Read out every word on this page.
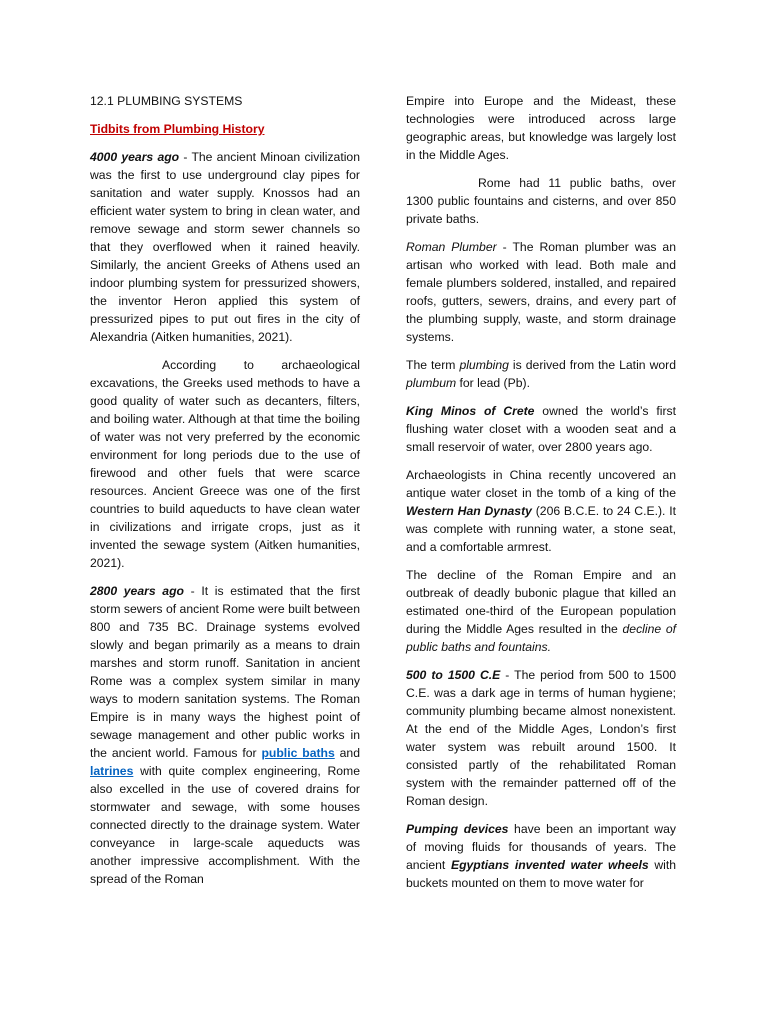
12.1 PLUMBING SYSTEMS
Tidbits from Plumbing History

4000 years ago - The ancient Minoan civilization was the first to use underground clay pipes for sanitation and water supply. Knossos had an efficient water system to bring in clean water, and remove sewage and storm sewer channels so that they overflowed when it rained heavily. Similarly, the ancient Greeks of Athens used an indoor plumbing system for pressurized showers, the inventor Heron applied this system of pressurized pipes to put out fires in the city of Alexandria (Aitken humanities, 2021).

According to archaeological excavations, the Greeks used methods to have a good quality of water such as decanters, filters, and boiling water. Although at that time the boiling of water was not very preferred by the economic environment for long periods due to the use of firewood and other fuels that were scarce resources. Ancient Greece was one of the first countries to build aqueducts to have clean water in civilizations and irrigate crops, just as it invented the sewage system (Aitken humanities, 2021).

2800 years ago - It is estimated that the first storm sewers of ancient Rome were built between 800 and 735 BC. Drainage systems evolved slowly and began primarily as a means to drain marshes and storm runoff. Sanitation in ancient Rome was a complex system similar in many ways to modern sanitation systems. The Roman Empire is in many ways the highest point of sewage management and other public works in the ancient world. Famous for public baths and latrines with quite complex engineering, Rome also excelled in the use of covered drains for stormwater and sewage, with some houses connected directly to the drainage system. Water conveyance in large-scale aqueducts was another impressive accomplishment. With the spread of the Roman

Empire into Europe and the Mideast, these technologies were introduced across large geographic areas, but knowledge was largely lost in the Middle Ages.

Rome had 11 public baths, over 1300 public fountains and cisterns, and over 850 private baths.

Roman Plumber - The Roman plumber was an artisan who worked with lead. Both male and female plumbers soldered, installed, and repaired roofs, gutters, sewers, drains, and every part of the plumbing supply, waste, and storm drainage systems.

The term plumbing is derived from the Latin word plumbum for lead (Pb).

King Minos of Crete owned the world’s first flushing water closet with a wooden seat and a small reservoir of water, over 2800 years ago.

Archaeologists in China recently uncovered an antique water closet in the tomb of a king of the Western Han Dynasty (206 B.C.E. to 24 C.E.). It was complete with running water, a stone seat, and a comfortable armrest.

The decline of the Roman Empire and an outbreak of deadly bubonic plague that killed an estimated one-third of the European population during the Middle Ages resulted in the decline of public baths and fountains.

500 to 1500 C.E - The period from 500 to 1500 C.E. was a dark age in terms of human hygiene; community plumbing became almost nonexistent. At the end of the Middle Ages, London’s first water system was rebuilt around 1500. It consisted partly of the rehabilitated Roman system with the remainder patterned off of the Roman design.

Pumping devices have been an important way of moving fluids for thousands of years. The ancient Egyptians invented water wheels with buckets mounted on them to move water for
